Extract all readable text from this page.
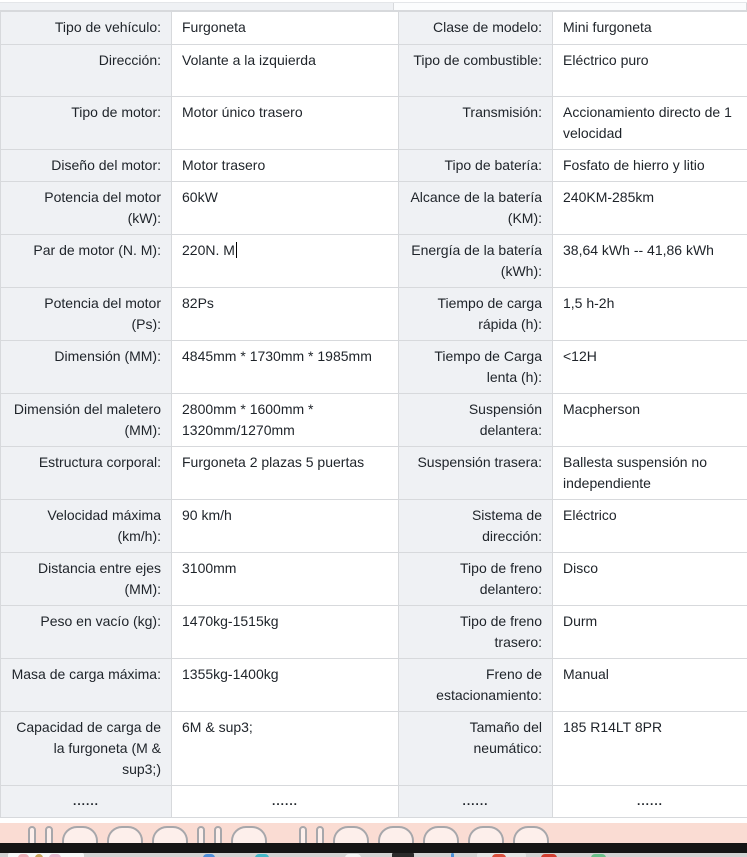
Tipo de vehículo:	Furgoneta	Clase de modelo:	Mini furgoneta
Dirección:	Volante a la izquierda	Tipo de combustible:	Eléctrico puro
Tipo de motor:	Motor único trasero	Transmisión:	Accionamiento directo de 1 velocidad
Diseño del motor:	Motor trasero	Tipo de batería:	Fosfato de hierro y litio
Potencia del motor (kW):	60kW	Alcance de la batería (KM):	240KM-285km
Par de motor (N. M):	220N. M	Energía de la batería (kWh):	38,64 kWh -- 41,86 kWh
Potencia del motor (Ps):	82Ps	Tiempo de carga rápida (h):	1,5 h-2h
Dimensión (MM):	4845mm * 1730mm * 1985mm	Tiempo de Carga lenta (h):	<12H
Dimensión del maletero (MM):	2800mm * 1600mm * 1320mm/1270mm	Suspensión delantera:	Macpherson
Estructura corporal:	Furgoneta 2 plazas 5 puertas	Suspensión trasera:	Ballesta suspensión no independiente
Velocidad máxima (km/h):	90 km/h	Sistema de dirección:	Eléctrico
Distancia entre ejes (MM):	3100mm	Tipo de freno delantero:	Disco
Peso en vacío (kg):	1470kg-1515kg	Tipo de freno trasero:	Durm
Masa de carga máxima:	1355kg-1400kg	Freno de estacionamiento:	Manual
Capacidad de carga de la furgoneta (M & sup3;)	6M & sup3;	Tamaño del neumático:	185 R14LT 8PR
......	......	......	......
